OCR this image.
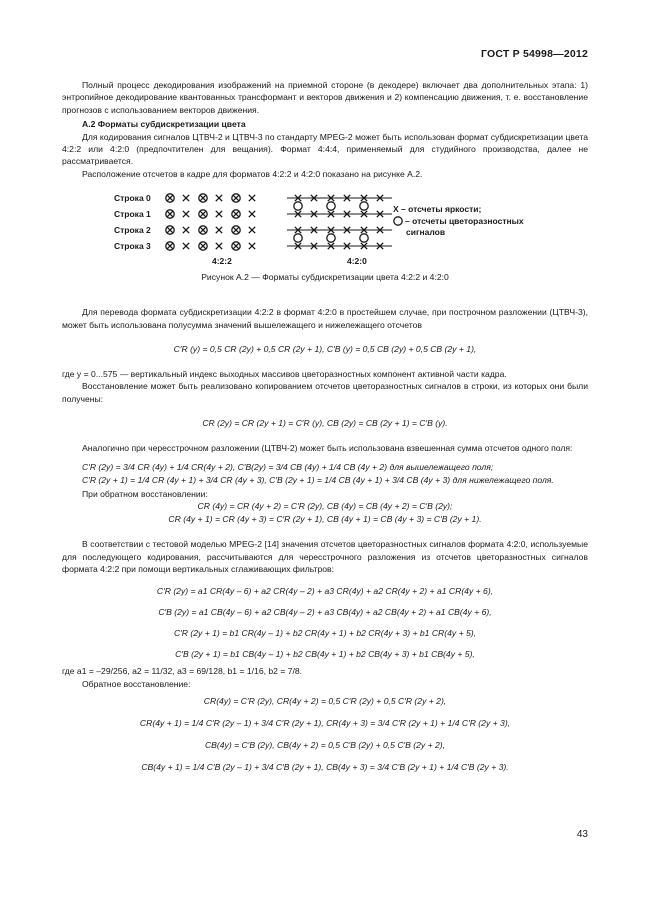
ГОСТ Р 54998—2012

Полный процесс декодирования изображений на приемной стороне (в декодере) включает два дополнительных этапа: 1) энтропийное декодирование квантованных трансформант и векторов движения и 2) компенсацию движения, т. е. восстановление прогнозов с использованием векторов движения.

А.2 Форматы субдискретизации цвета

Для кодирования сигналов ЦТВЧ-2 и ЦТВЧ-3 по стандарту MPEG-2 может быть использован формат субдискретизации цвета 4:2:2 или 4:2:0 (предпочтителен для вещания). Формат 4:4:4, применяемый для студийного производства, далее не рассматривается.

Расположение отсчетов в кадре для форматов 4:2:2 и 4:2:0 показано на рисунке А.2.

Строка 0
Строка 1
Строка 2
Строка 3
X – отсчеты яркости;
– отсчеты цветоразностных
сигналов
4:2:2	4:2:0

Рисунок А.2 — Форматы субдискретизации цвета 4:2:2 и 4:2:0

Для перевода формата субдискретизации 4:2:2 в формат 4:2:0 в простейшем случае, при построчном разложении (ЦТВЧ-3), может быть использована полусумма значений вышележащего и нижележащего отсчетов

C′R (y) = 0,5 CR (2y) + 0,5 CR (2y + 1), C′B (y) = 0,5 CB (2y) + 0,5 CB (2y + 1),

где y = 0...575 — вертикальный индекс выходных массивов цветоразностных компонент активной части кадра.

Восстановление может быть реализовано копированием отсчетов цветоразностных сигналов в строки, из которых они были получены:

CR (2y) = CR (2y + 1) = C′R (y), CB (2y) = CB (2y + 1) = C′B (y).

Аналогично при чересстрочном разложении (ЦТВЧ-2) может быть использована взвешенная сумма отсчетов одного поля:

C′R (2y) = 3/4 CR (4y) + 1/4 CR(4y + 2), C′B(2y) = 3/4 CB (4y) + 1/4 CB (4y + 2) для вышележащего поля;

C′R (2y + 1) = 1/4 CR (4y + 1) + 3/4 CR (4y + 3), C′B (2y + 1) = 1/4 CB (4y + 1) + 3/4 CB (4y + 3) для нижележащего поля.

При обратном восстановлении:

CR (4y) = CR (4y + 2) = C′R (2y), CB (4y) = CB (4y + 2) = C′B (2y);

CR (4y + 1) = CR (4y + 3) = C′R (2y + 1), CB (4y + 1) = CB (4y + 3) = C′B (2y + 1).

В соответствии с тестовой моделью MPEG-2 [14] значения отсчетов цветоразностных сигналов формата 4:2:0, используемые для последующего кодирования, рассчитываются для чересстрочного разложения из отсчетов цветоразностных сигналов формата 4:2:2 при помощи вертикальных сглаживающих фильтров:

C′R (2y) = a1 CR(4y – 6) + a2 CR(4y – 2) + a3 CR(4y) + a2 CR(4y + 2) + a1 CR(4y + 6),

C′B (2y) = a1 CB(4y – 6) + a2 CB(4y – 2) + a3 CB(4y) + a2 CB(4y + 2) + a1 CB(4y + 6),

C′R (2y + 1) = b1 CR(4y – 1) + b2 CR(4y + 1) + b2 CR(4y + 3) + b1 CR(4y + 5),

C′B (2y + 1) = b1 CB(4y – 1) + b2 CB(4y + 1) + b2 CB(4y + 3) + b1 CB(4y + 5),

где a1 = –29/256, a2 = 11/32, a3 = 69/128, b1 = 1/16, b2 = 7/8.

Обратное восстановление:

CR(4y) = C′R (2y), CR(4y + 2) = 0,5 C′R (2y) + 0,5 C′R (2y + 2),

CR(4y + 1) = 1/4 C′R (2y – 1) + 3/4 C′R (2y + 1), CR(4y + 3) = 3/4 C′R (2y + 1) + 1/4 C′R (2y + 3),

CB(4y) = C′B (2y), CB(4y + 2) = 0,5 C′B (2y) + 0,5 C′B (2y + 2),

CB(4y + 1) = 1/4 C′B (2y – 1) + 3/4 C′B (2y + 1), CB(4y + 3) = 3/4 C′B (2y + 1) + 1/4 C′B (2y + 3).

43
